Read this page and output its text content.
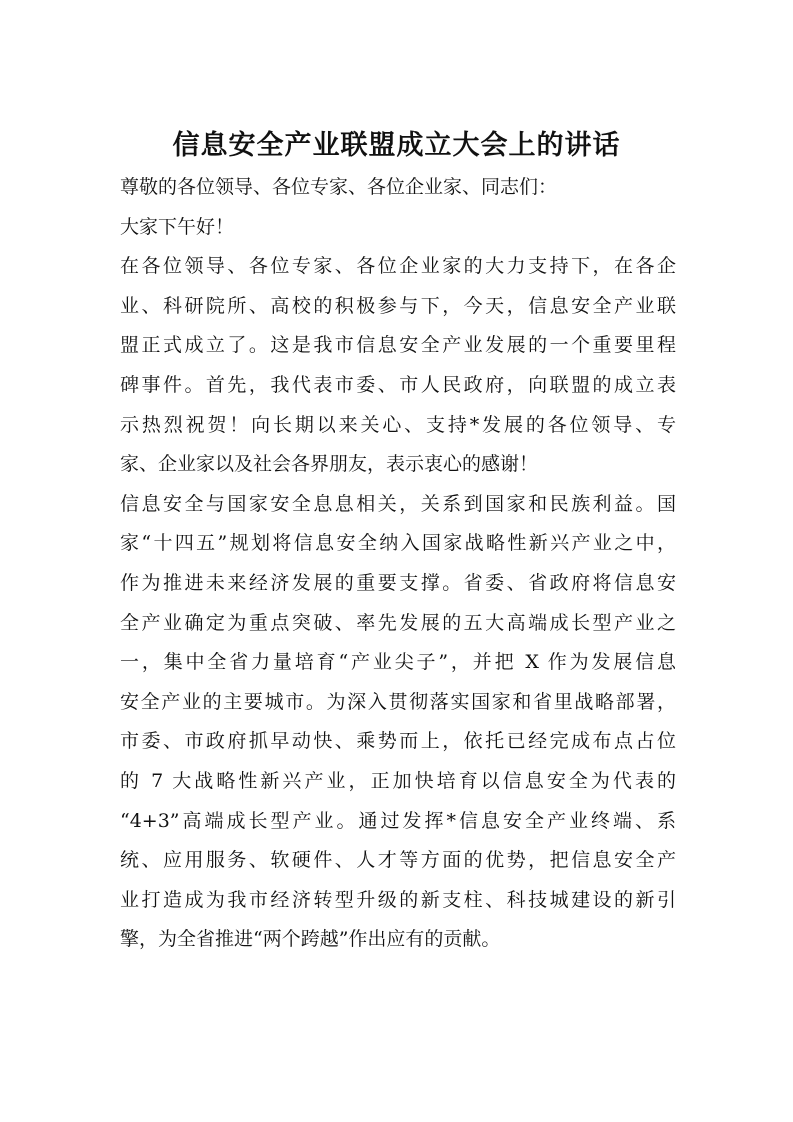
信息安全产业联盟成立大会上的讲话
尊敬的各位领导、各位专家、各位企业家、同志们：
大家下午好！
在各位领导、各位专家、各位企业家的大力支持下，在各企
业、科研院所、高校的积极参与下，今天，信息安全产业联
盟正式成立了。这是我市信息安全产业发展的一个重要里程
碑事件。首先，我代表市委、市人民政府，向联盟的成立表
示热烈祝贺！向长期以来关心、支持*发展的各位领导、专
家、企业家以及社会各界朋友，表示衷心的感谢！
信息安全与国家安全息息相关，关系到国家和民族利益。国
家“十四五”规划将信息安全纳入国家战略性新兴产业之中，
作为推进未来经济发展的重要支撑。省委、省政府将信息安
全产业确定为重点突破、率先发展的五大高端成长型产业之
一，集中全省力量培育“产业尖子”，并把 X 作为发展信息
安全产业的主要城市。为深入贯彻落实国家和省里战略部署，
市委、市政府抓早动快、乘势而上，依托已经完成布点占位
的 7 大战略性新兴产业，正加快培育以信息安全为代表的
“4+3”高端成长型产业。通过发挥*信息安全产业终端、系
统、应用服务、软硬件、人才等方面的优势，把信息安全产
业打造成为我市经济转型升级的新支柱、科技城建设的新引
擎，为全省推进“两个跨越”作出应有的贡献。
